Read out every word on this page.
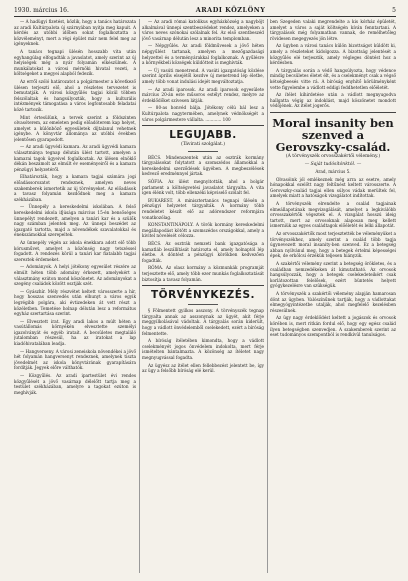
1930. március 16.	ARADI KÖZLÖNY	5

— A hadügyi fizetést, közlik, hogy a tanács határozata az aradi Kultúrpalota új szárnyában nyitja meg kapuit. A kérdés az utóbbi időben sokat foglalkoztatta a közvéleményt, mert a régi épület már nem felel meg az igényeknek.

A tanács tegnapi ülésén hosszabb vita után egyhangúlag elfogadták a javaslatot, amely szerint az új helyiségek még a nyár folyamán elkészülnek. A munkálatokat a városi mérnöki hivatal vezeti, a költségeket a megyei alapból fedezik.

Az erről szóló határozatot a polgármester a következő ülésen terjeszti elő, ahol a részletes tervezetet is bemutatják. A városi közgyűlés tagjai közül többen felszólaltak és hangsúlyozták, hogy a kulturális intézmények támogatása a város legfontosabb feladatai közé tartozik.

Mint értesülünk, a tervek szerint a földszinten olvasóterem, az emeleten pedig előadóterem kap helyet, amelyet a különböző egyesületek díjtalanul vehetnek igénybe. A könyvtár állománya az utóbbi években jelentősen gyarapodott.

— Az aradi ügyvédi kamara. Az aradi ügyvédi kamara választmánya tegnap délután ülést tartott, amelyen a kamarai tagok ügyeivel foglalkoztak. Az ülésen elnöklő dékán beszámolt az elmúlt év eseményeiről és a kamara pénzügyi helyzetéről.

Elhatározták, hogy a kamara tagjai számára jogi előadássorozatot rendeznek, amelyen neves szakemberek ismertetik az új törvényeket. Az előadások a tavasz folyamán kezdődnek meg a kamara székházában.

— Ünnepély a kereskedelmi iskolában. A felső kereskedelmi iskola ifjúsága március 15-én bensőséges ünnepélyt rendezett, amelyen a tanári kar és a szülők nagy számban jelentek meg. Az ünnepi beszédet az igazgató tartotta, majd a növendékek szavalatokkal és énekszámokkal szerepeltek.

Az ünnepély végén az iskola énekkara adott elő több kórusművet, amelyet a közönség nagy tetszéssel fogadott. A rendezés körül a tanári kar fiatalabb tagjai szereztek érdemeket.

— Adományok. A helyi jótékony egyesület részére az elmúlt héten több adomány érkezett, amelyekért a választmány ezúton mond köszönetet. Az adományokat a szegény családok között osztják szét.

— Gyászhír. Mély részvétet keltett városszerte a hír, hogy hosszas szenvedés után elhunyt a város egyik legrégibb polgára, aki évtizedeken át vett részt a közéletben. Temetése holnap délután lesz a református egyház szertartása szerint.

— Elvesztett irat. Egy aradi lakos a múlt héten a vasútállomás környékén elvesztette személyi igazolványát és egyéb iratait. A becsületes megtaláló jutalomban részesül, ha az iratokat a lap kiadóhivatalában leadja.

— Hangverseny. A városi zeneiskola növendékei a jövő hét folyamán hangversenyt rendeznek, amelynek tiszta jövedelmét az iskola könyvtárának gyarapítására fordítják. Jegyek előre válthatók.

— Közgyűlés. Az aradi ipartestület évi rendes közgyűlését a jövő vasárnap délelőtt tartja meg a testület székházában, amelyre a tagokat ezúton is meghívják.

— Az aradi római katolikus egyházközség a nagyböjt alkalmával ünnepi szentbeszédeket rendez, amelyeken a város neves szónokai szólalnak fel. Az első szentbeszéd jövő vasárnap délután lesz a minorita templomban.

— Népgyűlés. Az aradi földművesek a jövő héten népgyűlést tartanak, amelyen a mezőgazdasági helyzettel és a terményárakkal foglalkoznak. A gyűlésre a környékbeli községek küldötteit is meghívták.

— Új vasúti menetrend. A vasúti igazgatóság közlése szerint április elsejétől kezdve új menetrend lép életbe, amely több vonat indulási idejét megváltoztatja.

— Az aradi iparosok. Az aradi iparosok egyesülete március 20-án este műsoros estélyt rendez, melyre az érdeklődőket szívesen látják.

— 80-as honvéd bálja. Jótékony célú bál lesz a Kultúrpalota nagytermében, amelynek védnökségét a város polgármestere vállalta. ............ 100

LEGUJABB.
(Távirati szolgálat.)

BÉCS. Mindenszentek után az osztrák kormány tárgyalásokat folytatott a szomszédos államokkal a kereskedelmi szerződések ügyében. A megbeszélések kedvező eredménnyel jártak.

SÓFIA. Az ülést megnyitották, ahol a bolgár parlament a költségvetési javaslatot tárgyalta. A vita igen élénk volt, több ellenzéki képviselő szólalt fel.

BUKAREST. A minisztertanács tegnapi ülésén a pénzügyi helyzetet tárgyalták. A kormány több rendeletet készít elő az adórendszer reformjára vonatkozólag.

KONSTANTINÁPOLY. A török kormány kereskedelmi megállapodást kötött a szomszédos országokkal, amely a kivitel növelését célozza.

BÉCS. Az osztrák nemzeti bank igazgatósága a kamatláb leszállítását határozta el, amely holnaptól lép életbe. A döntést a pénzügyi körökben kedvezően fogadták.

RÓMA. Az olasz kormány a közmunkák programját terjesztette elő, amely több ezer munkás foglalkoztatását biztosítja a tavasz folyamán.

TÖRVÉNYKEZÉS.

§ Fölmentett gyilkos asszony. A törvényszék tegnap tárgyalta annak az asszonynak az ügyét, akit férje meggyilkolásával vádoltak. A tárgyalás során kiderült, hogy a vádlott önvédelemből cselekedett, ezért a bíróság felmentette.

A bíróság ítéletében kimondta, hogy a vádlott cselekményét jogos önvédelem indokolta, mert férje ismételten bántalmazta. A közönség az ítéletet nagy megnyugvással fogadta.

Az ügyész az ítélet ellen fellebbezést jelentett be, így az ügy a felsőbb bíróság elé kerül.

ben Szegeden valaki megrendelte a kis kórház épületét, amelyet a város a saját költségén kíván fenntartani. A tárgyalások még folyamatban vannak, de remélhetőleg rövidesen megegyezés jön létre.

Az ügyben a városi tanács külön bizottságot küldött ki, amely a részleteket kidolgozza. A bizottság jelentését a közgyűlés elé terjesztik, amely végleges döntést hoz a kérdésben.

A tárgyalás során a védő hangsúlyozta, hogy védence mindig becsületes életet élt, és a cselekményt csak a végső kétségbeesés vitte rá. A bíróság enyhítő körülményként vette figyelembe a vádlott eddigi feddhetetlen előéletét.

Az ítélet kihirdetése után a vádlott megnyugodva hallgatta végig az indoklást, majd köszönetet mondott védőjének. Az ítélet jogerős.

Moral insanity ben szenved a Gerovszky-család.
(A törvényszék orvosszakértői vélemény.)
— Saját tudósítónktól. —

Arad, március 5.

Olvasóink jól emlékeznek még arra az esetre, amely hónapokkal ezelőtt nagy feltűnést keltett városszerte. A Gerovszky-család tagjai ellen súlyos vádak merültek fel, amelyek miatt a hatóságok vizsgálatot indítottak.

A törvényszék elrendelte a család tagjainak elmeállapotának megvizsgálását, amelyet a legkiválóbb orvosszakértők végeztek el. A vizsgálat hosszú ideig tartott, mert az orvosoknak alaposan meg kellett ismerniük az egyes családtagok előéletét és lelki állapotát.

Az orvosszakértők most terjesztették be véleményüket a törvényszékhez, amely szerint a család több tagja úgynevezett moral insanity-ben szenved. Ez a betegség abban nyilvánul meg, hogy a betegek értelmi képességei épek, de erkölcsi érzékük teljesen hiányzik.

A szakértői vélemény szerint a betegség örökletes, és a családban nemzedékeken át kimutatható. Az orvosok hangsúlyozzák, hogy a betegek cselekedeteikért csak korlátozottan felelősek, ezért büntetés helyett gyógykezelésre van szükségük.

A törvényszék a szakértői vélemény alapján hamarosan dönt az ügyben. Valószínűnek tartják, hogy a vádlottakat elmegyógyintézetbe utalják, ahol megfelelő kezelésben részesülnek.

Az ügy nagy érdeklődést keltett a jogászok és orvosok körében is, mert ritkán fordul elő, hogy egy egész család ilyen betegségben szenvedjen. A szakemberek szerint az eset tudományos szempontból is rendkívül tanulságos.
